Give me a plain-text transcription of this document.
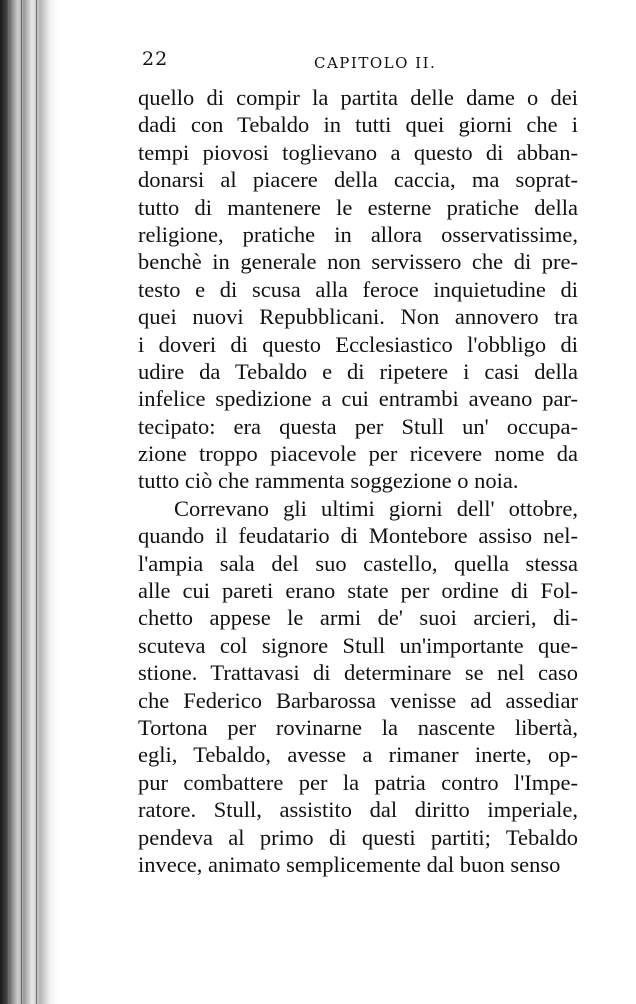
22	CAPITOLO II.
quello di compir la partita delle dame o dei
dadi con Tebaldo in tutti quei giorni che i
tempi piovosi toglievano a questo di abban-
donarsi al piacere della caccia, ma soprat-
tutto di mantenere le esterne pratiche della
religione, pratiche in allora osservatissime,
benchè in generale non servissero che di pre-
testo e di scusa alla feroce inquietudine di
quei nuovi Repubblicani. Non annovero tra
i doveri di questo Ecclesiastico l'obbligo di
udire da Tebaldo e di ripetere i casi della
infelice spedizione a cui entrambi aveano par-
tecipato: era questa per Stull un' occupa-
zione troppo piacevole per ricevere nome da
tutto ciò che rammenta soggezione o noia.
Correvano gli ultimi giorni dell' ottobre,
quando il feudatario di Montebore assiso nel-
l'ampia sala del suo castello, quella stessa
alle cui pareti erano state per ordine di Fol-
chetto appese le armi de' suoi arcieri, di-
scuteva col signore Stull un'importante que-
stione. Trattavasi di determinare se nel caso
che Federico Barbarossa venisse ad assediar
Tortona per rovinarne la nascente libertà,
egli, Tebaldo, avesse a rimaner inerte, op-
pur combattere per la patria contro l'Impe-
ratore. Stull, assistito dal diritto imperiale,
pendeva al primo di questi partiti; Tebaldo
invece, animato semplicemente dal buon senso
